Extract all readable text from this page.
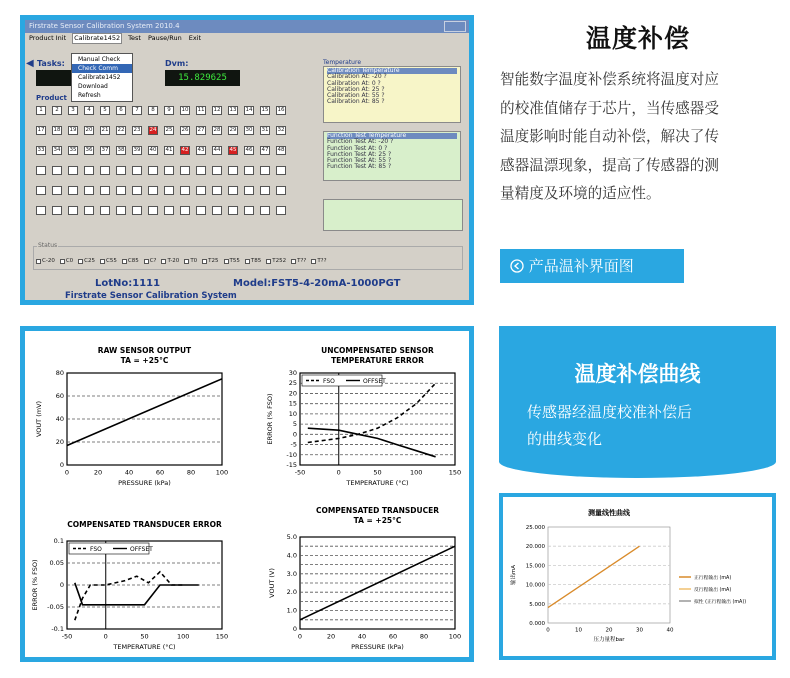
Firstrate Sensor Calibration System 2010.4
Product Init	Calibrate1452	Test Pause/Run Exit
Manual Check
Check Comm
Calibrate1452
Download
Refresh
◀ Tasks:	Dvm:
15.829625
Product
1	2	3	4	5	6	7	8	9	10 11 12 13 14 15 16
17 18 19 20 21 22 23 24 25 26 27 28 29 30 31 32
33 34 35 36 37 38 39 40 41 42 43 44 45 46 47 48
Temperature
Calibration Temperature
Calibration At: -20 ?
Calibration At: 0 ?
Calibration At: 25 ?
Calibration At: 55 ?
Calibration At: 85 ?
Function Test Temperature
Function Test At: -20 ?
Function Test At: 0 ?
Function Test At: 25 ?
Function Test At: 55 ?
Function Test At: 85 ?
Status
C-20 C0 C25 C55 C85 C? T-20 T0 T25 T55 T85 T252 T?? T??
LotNo:1111	Model:FST5-4-20mA-1000PGT
Firstrate Sensor Calibration System
RAW SENSOR OUTPUT
TA = +25°C
0
20
40
60
80
0	20	40	60	80	100
PRESSURE (kPa)
VOUT (mV)
UNCOMPENSATED SENSOR
TEMPERATURE ERROR
-15
-10
-5
0
5
10
15
20
25
30
-50	0	50	100	150
TEMPERATURE (°C)
ERROR (% FSO)
FSO	OFFSET
COMPENSATED TRANSDUCER ERROR
-0.1
-0.05
0
0.05
0.1
-50	0	50	100	150
TEMPERATURE (°C)
ERROR (% FSO)
FSO	OFFSET
COMPENSATED TRANSDUCER
TA = +25°C
0
1.0
2.0
3.0
4.0
5.0
0	20	40	60	80	100
PRESSURE (kPa)
VOUT (V)
温度补偿
智能数字温度补偿系统将温度对应
的校准值储存于芯片，当传感器受
温度影响时能自动补偿，解决了传
感器温漂现象，提高了传感器的测
量精度及环境的适应性。
产品温补界面图
温度补偿曲线
传感器经温度校准补偿后
的曲线变化
测量线性曲线
0.000
5.000
10.000
15.000
20.000
25.000
0	10	20	30	40
压力量程bar
输出mA	正行程输出 (mA)
反行程输出 (mA)
拟性 (正行程输出 (mA))
